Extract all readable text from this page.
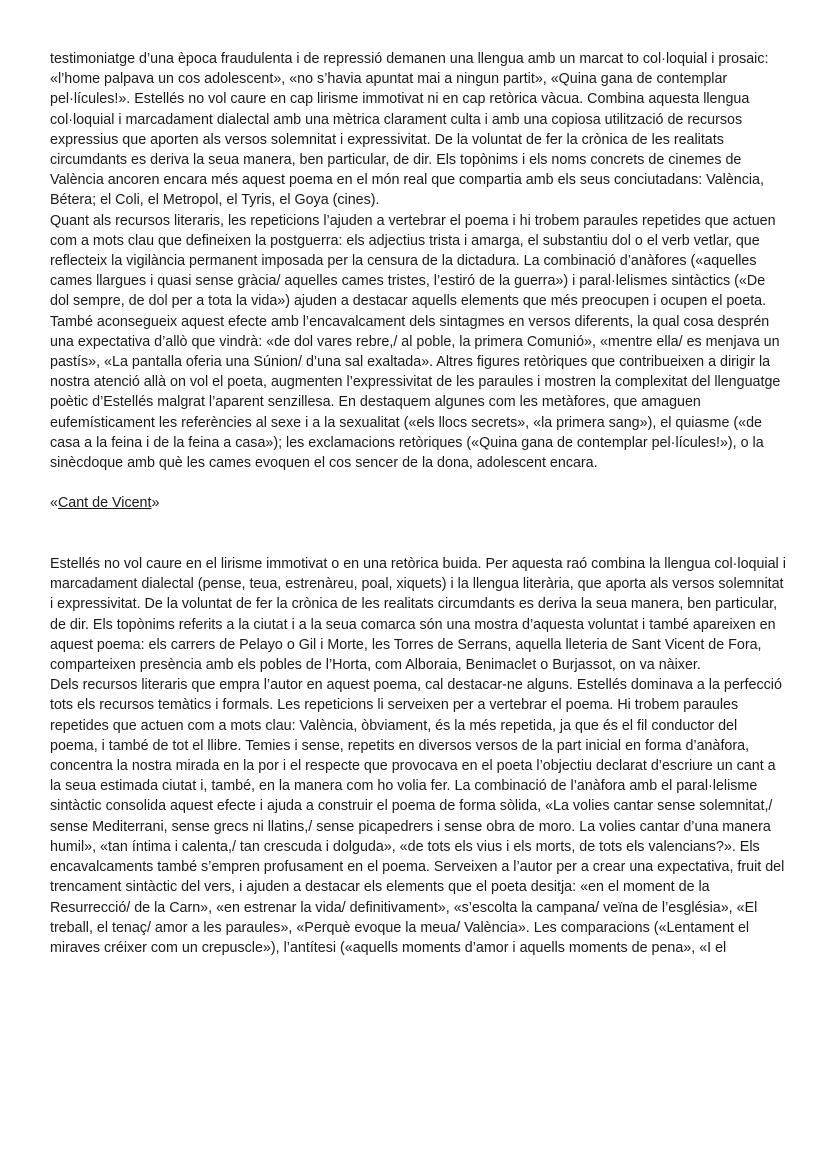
testimoniatge d’una època fraudulenta i de repressió demanen una llengua amb un marcat to col·loquial i prosaic: «l’home palpava un cos adolescent», «no s’havia apuntat mai a ningun partit», «Quina gana de contemplar pel·lícules!». Estellés no vol caure en cap lirisme immotivat ni en cap retòrica vàcua. Combina aquesta llengua col·loquial i marcadament dialectal amb una mètrica clarament culta i amb una copiosa utilització de recursos expressius que aporten als versos solemnitat i expressivitat. De la voluntat de fer la crònica de les realitats circumdants es deriva la seua manera, ben particular, de dir. Els topònims i els noms concrets de cinemes de València ancoren encara més aquest poema en el món real que compartia amb els seus conciutadans: València, Bétera; el Coli, el Metropol, el Tyris, el Goya (cines).

Quant als recursos literaris, les repeticions l’ajuden a vertebrar el poema i hi trobem paraules repetides que actuen com a mots clau que defineixen la postguerra: els adjectius trista i amarga, el substantiu dol o el verb vetlar, que reflecteix la vigilància permanent imposada per la censura de la dictadura. La combinació d’anàfores («aquelles cames llargues i quasi sense gràcia/ aquelles cames tristes, l’estiró de la guerra») i paral·lelismes sintàctics («De dol sempre, de dol per a tota la vida») ajuden a destacar aquells elements que més preocupen i ocupen el poeta. També aconsegueix aquest efecte amb l’encavalcament dels sintagmes en versos diferents, la qual cosa desprén una expectativa d’allò que vindrà: «de dol vares rebre,/ al poble, la primera Comunió», «mentre ella/ es menjava un pastís», «La pantalla oferia una Súnion/ d’una sal exaltada». Altres figures retòriques que contribueixen a dirigir la nostra atenció allà on vol el poeta, augmenten l’expressivitat de les paraules i mostren la complexitat del llenguatge poètic d’Estellés malgrat l’aparent senzillesa. En destaquem algunes com les metàfores, que amaguen eufemísticament les referències al sexe i a la sexualitat («els llocs secrets», «la primera sang»), el quiasme («de casa a la feina i de la feina a casa»); les exclamacions retòriques («Quina gana de contemplar pel·lícules!»), o la sinècdoque amb què les cames evoquen el cos sencer de la dona, adolescent encara.

«Cant de Vicent»

Estellés no vol caure en el lirisme immotivat o en una retòrica buida. Per aquesta raó combina la llengua col·loquial i marcadament dialectal (pense, teua, estrenàreu, poal, xiquets) i la llengua literària, que aporta als versos solemnitat i expressivitat. De la voluntat de fer la crònica de les realitats circumdants es deriva la seua manera, ben particular, de dir. Els topònims referits a la ciutat i a la seua comarca són una mostra d’aquesta voluntat i també apareixen en aquest poema: els carrers de Pelayo o Gil i Morte, les Torres de Serrans, aquella lleteria de Sant Vicent de Fora, comparteixen presència amb els pobles de l’Horta, com Alboraia, Benimaclet o Burjassot, on va nàixer.

Dels recursos literaris que empra l’autor en aquest poema, cal destacar-ne alguns. Estellés dominava a la perfecció tots els recursos temàtics i formals. Les repeticions li serveixen per a vertebrar el poema. Hi trobem paraules repetides que actuen com a mots clau: València, òbviament, és la més repetida, ja que és el fil conductor del poema, i també de tot el llibre. Temies i sense, repetits en diversos versos de la part inicial en forma d’anàfora, concentra la nostra mirada en la por i el respecte que provocava en el poeta l’objectiu declarat d’escriure un cant a la seua estimada ciutat i, també, en la manera com ho volia fer. La combinació de l’anàfora amb el paral·lelisme sintàctic consolida aquest efecte i ajuda a construir el poema de forma sòlida, «La volies cantar sense solemnitat,/ sense Mediterrani, sense grecs ni llatins,/ sense picapedrers i sense obra de moro. La volies cantar d’una manera humil», «tan íntima i calenta,/ tan crescuda i dolguda», «de tots els vius i els morts, de tots els valencians?». Els encavalcaments també s’empren profusament en el poema. Serveixen a l’autor per a crear una expectativa, fruit del trencament sintàctic del vers, i ajuden a destacar els elements que el poeta desitja: «en el moment de la Resurrecció/ de la Carn», «en estrenar la vida/ definitivament», «s’escolta la campana/ veïna de l’església», «El treball, el tenaç/ amor a les paraules», «Perquè evoque la meua/ València». Les comparacions («Lentament el miraves créixer com un crepuscle»), l’antítesi («aquells moments d’amor i aquells moments de pena», «I el
